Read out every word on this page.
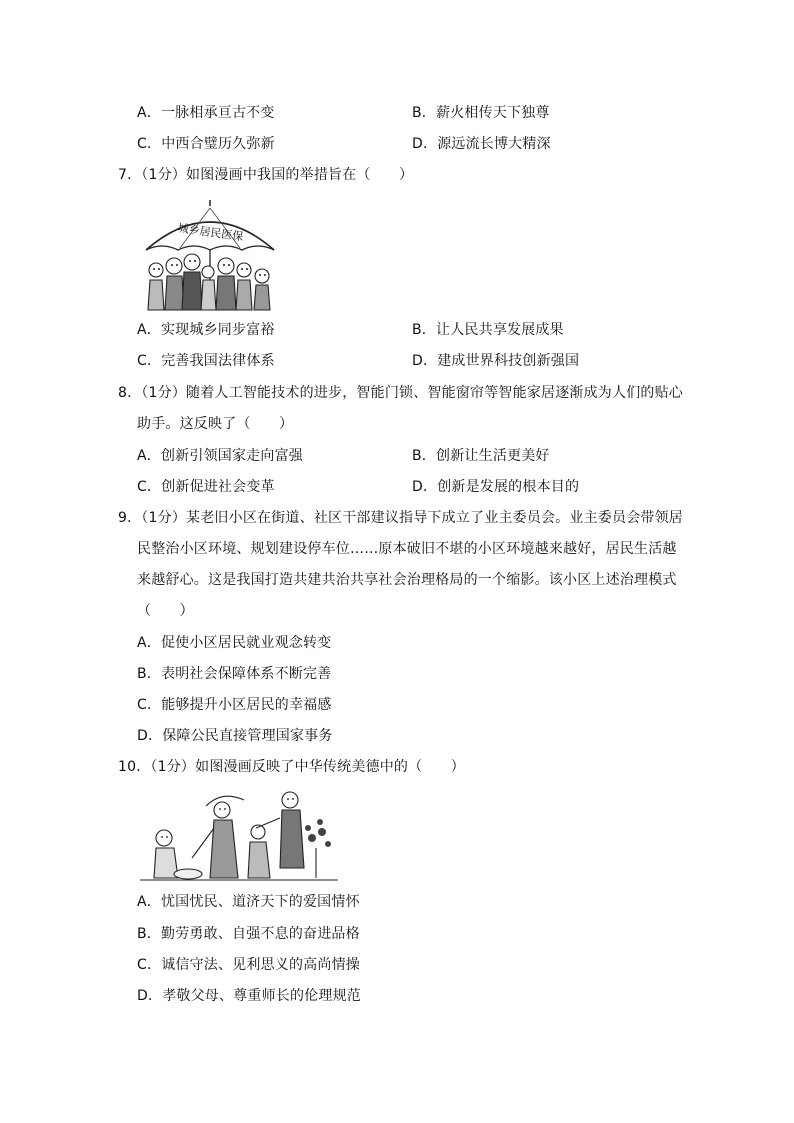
A．一脉相承亘古不变	B．薪火相传天下独尊
C．中西合璧历久弥新	D．源远流长博大精深
7．（1分）如图漫画中我国的举措旨在（　　）
城乡居民医保
A．实现城乡同步富裕	B．让人民共享发展成果
C．完善我国法律体系	D．建成世界科技创新强国
8．（1分）随着人工智能技术的进步，智能门锁、智能窗帘等智能家居逐渐成为人们的贴心
助手。这反映了（　　）
A．创新引领国家走向富强	B．创新让生活更美好
C．创新促进社会变革	D．创新是发展的根本目的
9．（1分）某老旧小区在街道、社区干部建议指导下成立了业主委员会。业主委员会带领居
民整治小区环境、规划建设停车位……原本破旧不堪的小区环境越来越好，居民生活越
来越舒心。这是我国打造共建共治共享社会治理格局的一个缩影。该小区上述治理模式
（　　）
A．促使小区居民就业观念转变
B．表明社会保障体系不断完善
C．能够提升小区居民的幸福感
D．保障公民直接管理国家事务
10．（1分）如图漫画反映了中华传统美德中的（　　）
A．忧国忧民、道济天下的爱国情怀
B．勤劳勇敢、自强不息的奋进品格
C．诚信守法、见利思义的高尚情操
D．孝敬父母、尊重师长的伦理规范
